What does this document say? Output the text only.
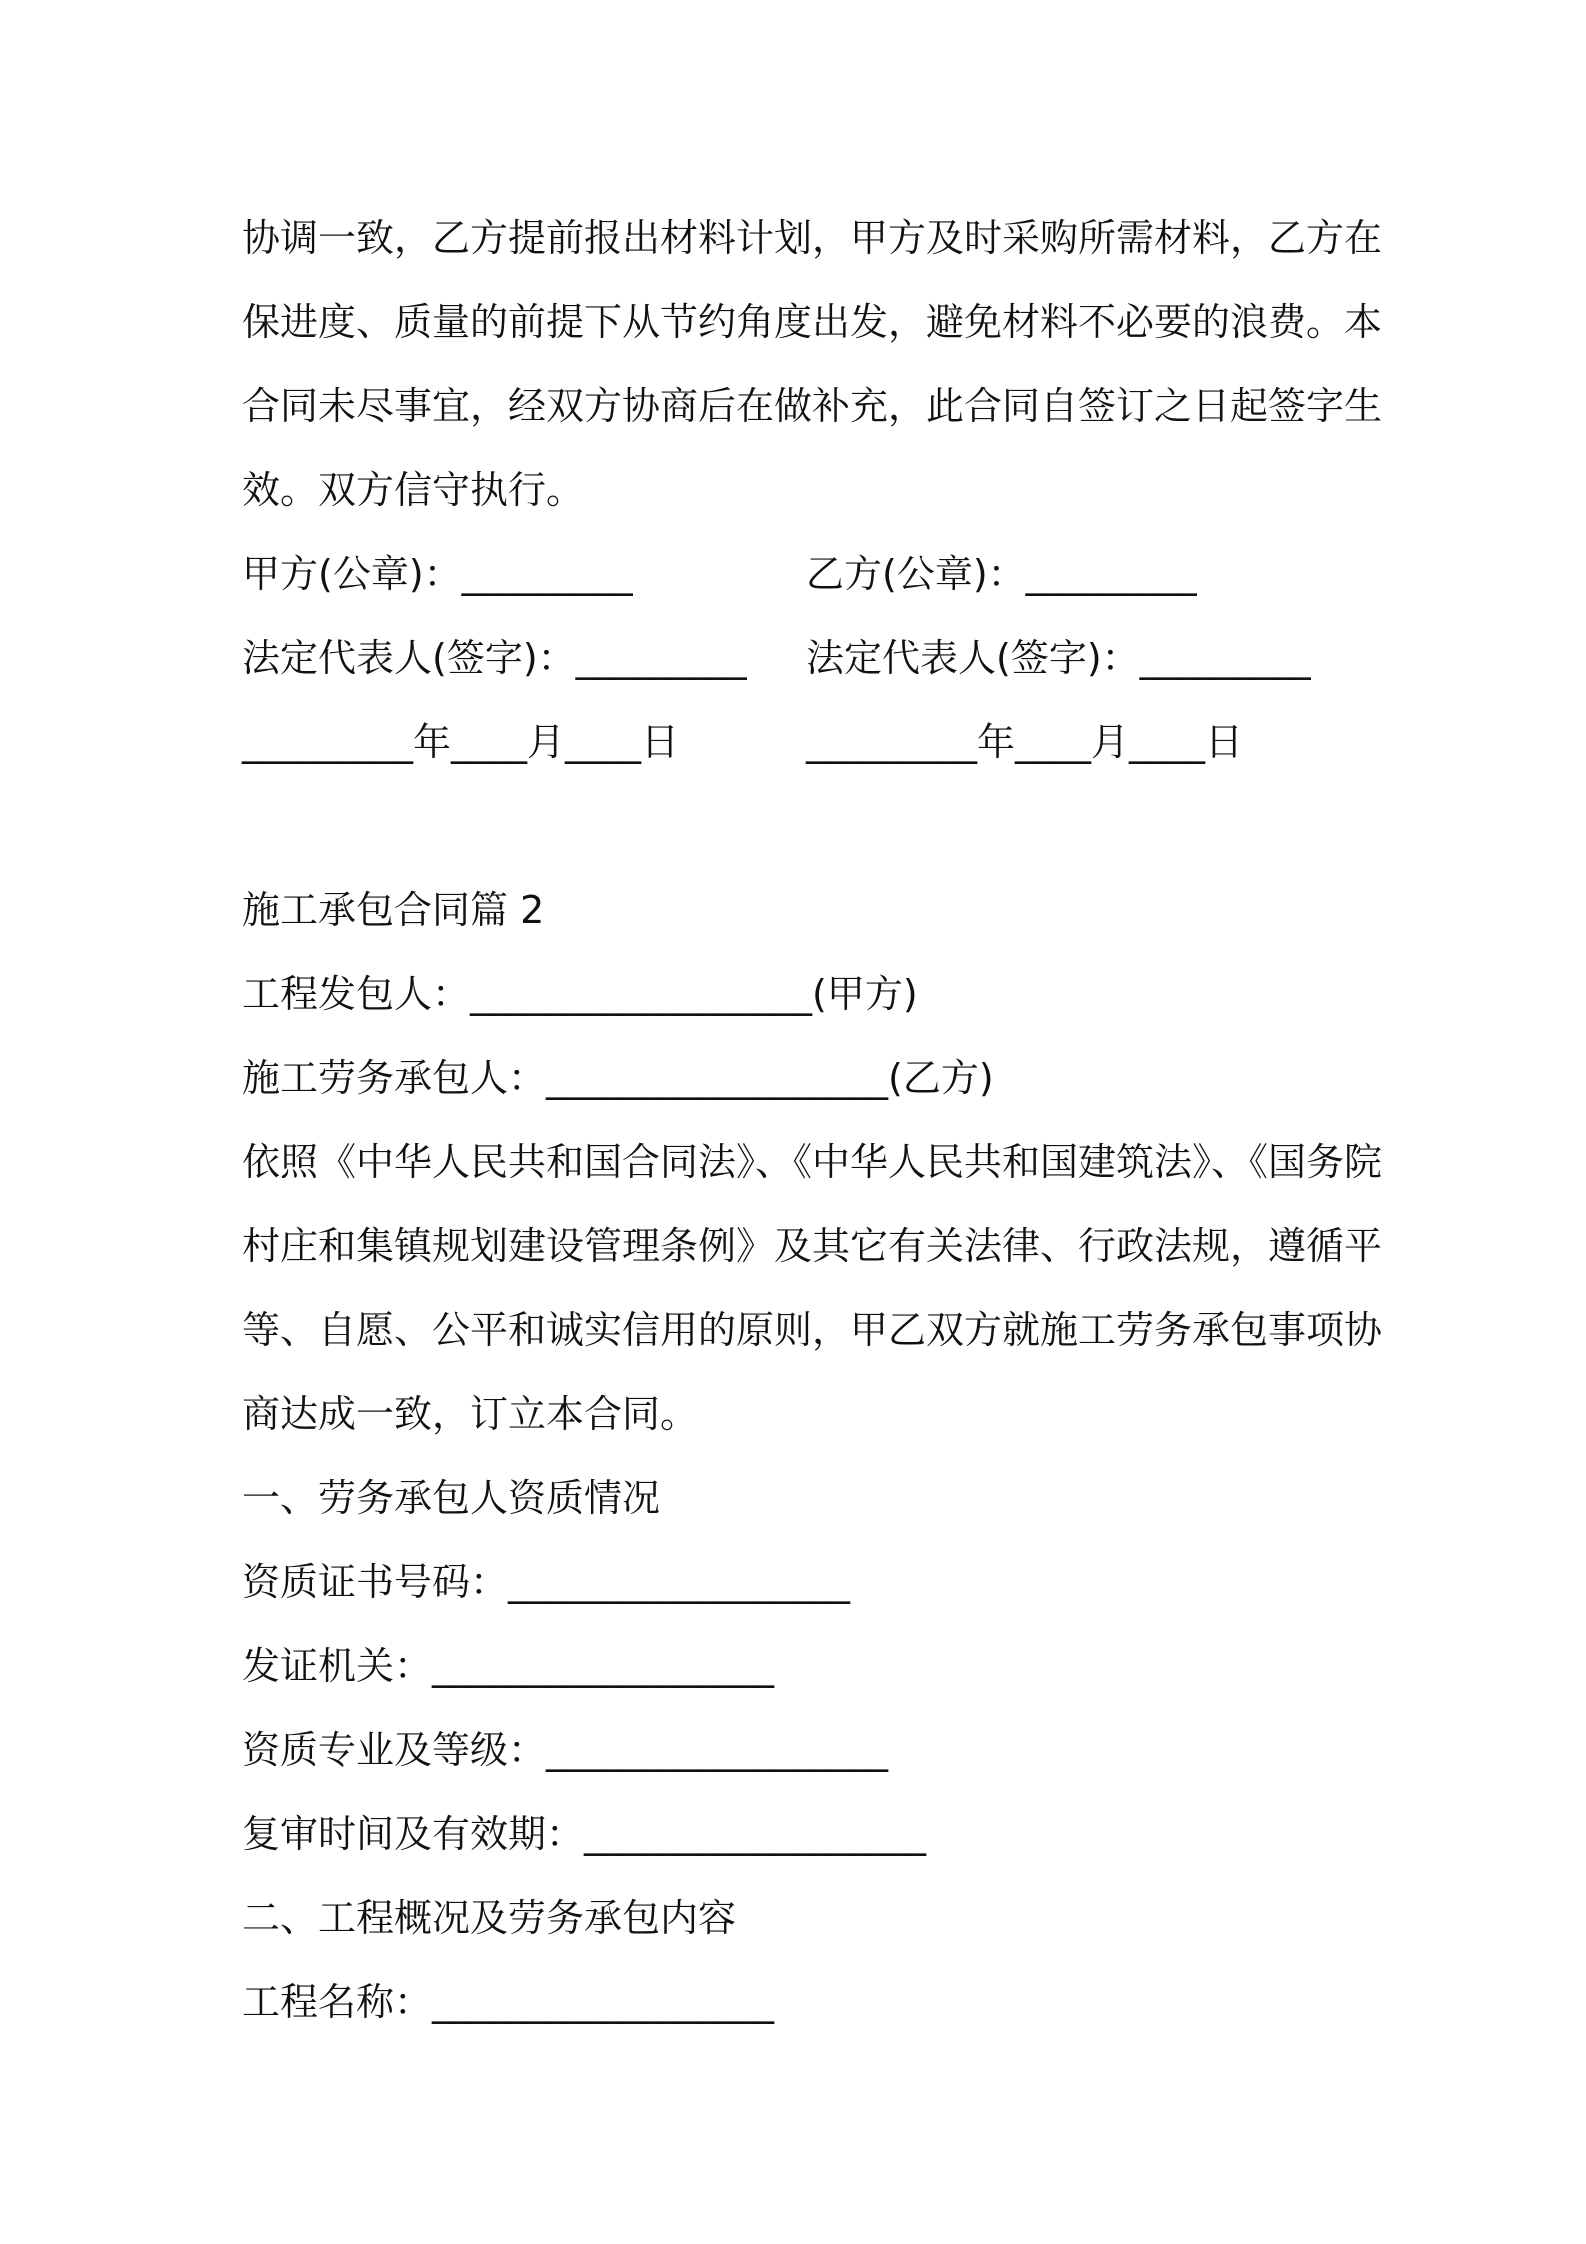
协调一致，乙方提前报出材料计划，甲方及时采购所需材料，乙方在

保进度、质量的前提下从节约角度出发，避免材料不必要的浪费。本

合同未尽事宜，经双方协商后在做补充，此合同自签订之日起签字生

效。双方信守执行。

甲方(公章)：_________	乙方(公章)：_________
法定代表人(签字)：_________ 法定代表人(签字)：_________
_________年____月____日	_________年____月____日
施工承包合同篇 2
工程发包人：__________________(甲方)
施工劳务承包人：__________________(乙方)

依照《中华人民共和国合同法》、《中华人民共和国建筑法》、《国务院

村庄和集镇规划建设管理条例》及其它有关法律、行政法规，遵循平

等、自愿、公平和诚实信用的原则，甲乙双方就施工劳务承包事项协

商达成一致，订立本合同。

一、劳务承包人资质情况
资质证书号码：__________________
发证机关：__________________
资质专业及等级：__________________
复审时间及有效期：__________________
二、工程概况及劳务承包内容
工程名称：__________________
